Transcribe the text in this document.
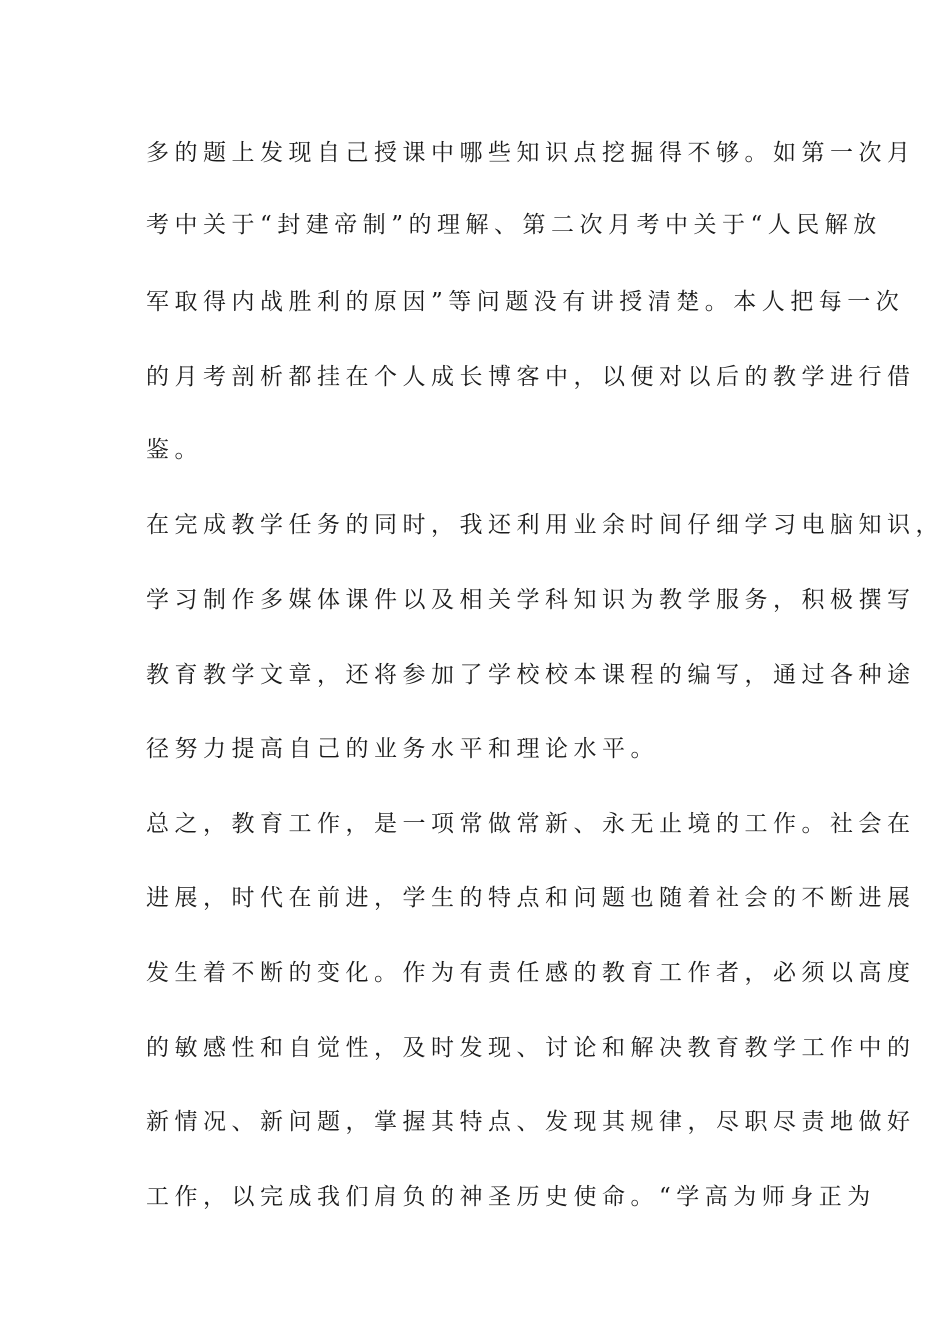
多的题上发现自己授课中哪些知识点挖掘得不够。如第一次月
考中关于“封建帝制”的理解、第二次月考中关于“人民解放
军取得内战胜利的原因”等问题没有讲授清楚。本人把每一次
的月考剖析都挂在个人成长博客中，以便对以后的教学进行借
鉴。
在完成教学任务的同时，我还利用业余时间仔细学习电脑知识，
学习制作多媒体课件以及相关学科知识为教学服务，积极撰写
教育教学文章，还将参加了学校校本课程的编写，通过各种途
径努力提高自己的业务水平和理论水平。
总之，教育工作，是一项常做常新、永无止境的工作。社会在
进展，时代在前进，学生的特点和问题也随着社会的不断进展
发生着不断的变化。作为有责任感的教育工作者，必须以高度
的敏感性和自觉性，及时发现、讨论和解决教育教学工作中的
新情况、新问题，掌握其特点、发现其规律，尽职尽责地做好
工作，以完成我们肩负的神圣历史使命。“学高为师身正为
